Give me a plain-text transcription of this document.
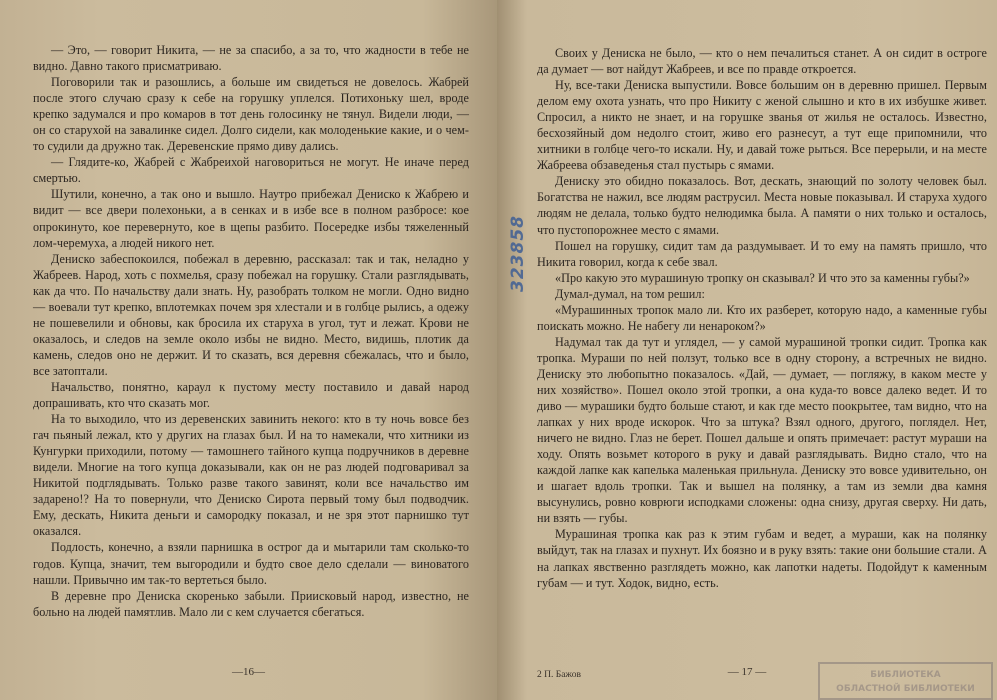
— Это, — говорит Никита, — не за спасибо, а за то, что жадности в тебе не видно. Давно такого присматриваю.

Поговорили так и разошлись, а больше им свидеться не довелось. Жабрей после этого случаю сразу к себе на горушку уплелся. Потихоньку шел, вроде крепко задумался и про комаров в тот день голосинку не тянул. Видели люди, — он со старухой на завалинке сидел. Долго сидели, как молоденькие какие, и о чем-то судили да дружно так. Деревенские прямо диву дались.

— Глядите-ко, Жабрей с Жабреихой наговориться не могут. Не иначе перед смертью.

Шутили, конечно, а так оно и вышло. Наутро прибежал Дениско к Жабрею и видит — все двери полехоньки, а в сенках и в избе все в полном разбросе: кое опрокинуто, кое перевернуто, кое в щепы разбито. Посередке избы тяжеленный лом-черемуха, а людей никого нет.

Дениско забеспокоился, побежал в деревню, рассказал: так и так, неладно у Жабреев. Народ, хоть с похмелья, сразу побежал на горушку. Стали разглядывать, как да что. По начальству дали знать. Ну, разобрать толком не могли. Одно видно — воевали тут крепко, вплотемках почем зря хлестали и в голбце рылись, а одежу не пошевелили и обновы, как бросила их старуха в угол, тут и лежат. Крови не оказалось, и следов на земле около избы не видно. Место, видишь, плотик да камень, следов оно не держит. И то сказать, вся деревня сбежалась, что и было, все затоптали.

Начальство, понятно, караул к пустому месту поставило и давай народ допрашивать, кто что сказать мог.

На то выходило, что из деревенских завинить некого: кто в ту ночь вовсе без гач пьяный лежал, кто у других на глазах был. И на то намекали, что хитники из Кунгурки приходили, потому — тамошнего тайного купца подручников в деревне видели. Многие на того купца доказывали, как он не раз людей подговаривал за Никитой подглядывать. Только разве такого завинят, коли все начальство им задарено!? На то повернули, что Дениско Сирота первый тому был подводчик. Ему, дескать, Никита деньги и самородку показал, и не зря этот парнишко тут оказался.

Подлость, конечно, а взяли парнишка в острог да и мытарили там сколько-то годов. Купца, значит, тем выгородили и будто свое дело сделали — виноватого нашли. Привычно им так-то вертеться было.

В деревне про Дениска скоренько забыли. Приисковый народ, известно, не больно на людей памятлив. Мало ли с кем случается сбегаться.

—16—

Своих у Дениска не было, — кто о нем печалиться станет. А он сидит в остроге да думает — вот найдут Жабреев, и все по правде откроется.

Ну, все-таки Дениска выпустили. Вовсе большим он в деревню пришел. Первым делом ему охота узнать, что про Никиту с женой слышно и кто в их избушке живет. Спросил, а никто не знает, и на горушке званья от жилья не осталось. Известно, бесхозяйный дом недолго стоит, живо его разнесут, а тут еще припомнили, что хитники в голбце чего-то искали. Ну, и давай тоже рыться. Все перерыли, и на месте Жабреева обзаведенья стал пустырь с ямами.

Дениску это обидно показалось. Вот, дескать, знающий по золоту человек был. Богатства не нажил, все людям раструсил. Места новые показывал. И старуха худого людям не делала, только будто нелюдимка была. А памяти о них только и осталось, что пустопорожнее место с ямами.

Пошел на горушку, сидит там да раздумывает. И то ему на память пришло, что Никита говорил, когда к себе звал.

«Про какую это мурашиную тропку он сказывал? И что это за каменны губы?»

Думал-думал, на том решил:

«Мурашинных тропок мало ли. Кто их разберет, которую надо, а каменные губы поискать можно. Не набегу ли ненароком?»

Надумал так да тут и углядел, — у самой мурашиной тропки сидит. Тропка как тропка. Мураши по ней ползут, только все в одну сторону, а встречных не видно. Дениску это любопытно показалось. «Дай, — думает, — погляжу, в каком месте у них хозяйство». Пошел около этой тропки, а она куда-то вовсе далеко ведет. И то диво — мурашики будто больше стают, и как где место поокрытее, там видно, что на лапках у них вроде искорок. Что за штука? Взял одного, другого, поглядел. Нет, ничего не видно. Глаз не берет. Пошел дальше и опять примечает: растут мураши на ходу. Опять возьмет которого в руку и давай разглядывать. Видно стало, что на каждой лапке как капелька маленькая прильнула. Дениску это вовсе удивительно, он и шагает вдоль тропки. Так и вышел на полянку, а там из земли два камня высунулись, ровно коврюги исподками сложены: одна снизу, другая сверху. Ни дать, ни взять — губы.

Мурашиная тропка как раз к этим губам и ведет, а мураши, как на полянку выйдут, так на глазах и пухнут. Их боязно и в руку взять: такие они большие стали. А на лапках явственно разглядеть можно, как лапотки надеты. Подойдут к каменным губам — и тут. Ходок, видно, есть.

2 П. Бажов	— 17 —
323858
БИБЛИОТЕКА
ОБЛАСТНОЙ БИБЛИОТЕКИ
